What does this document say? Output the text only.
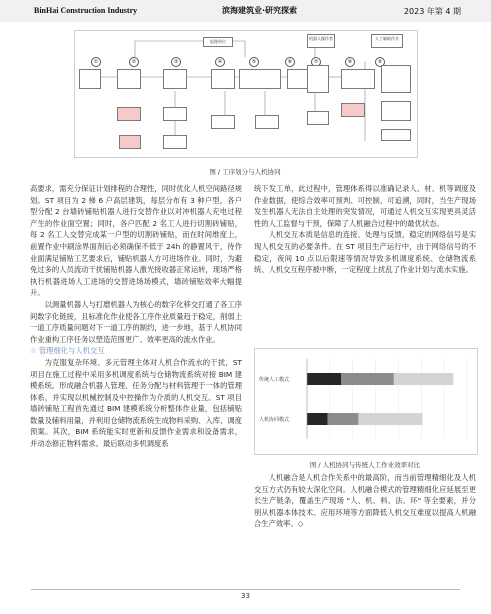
BinHai Construction Industry	滨海建筑业·研究探索	2023 年第 4 期
监理单位
机器人操作者	人工辅助作业
①	②	③	④	⑤	⑥	⑦	⑧	⑨
图 / 工序划分与人机协同

高要求，需充分保证计划排程的合理性，同时优化人机空间路径规划。ST 项目为 2 梯 6 户高层建筑，每层分布有 3 种户型，各户型分配 2 台墙砖铺贴机器人进行交替作业以对冲机器人充电过程产生的作业面空置；同时，各户匹配 2 名工人进行切割砖铺贴，每 2 名工人交替完成某一户型的切割砖铺贴，而在时间维度上，前置作业中刷涂界面剂后必须确保不低于 24h 的静置风干，待作业面满足铺贴工艺要求后，铺贴机器人方可进场作业。同时，为避免过多的人员流动干扰铺贴机器人激光接收器正常运转，现场严格执行机器进场人工进场的交替进场场模式，墙砖铺贴效率大幅提升。

以测量机器人与打磨机器人为核心的数字化移交打通了各工序间数字化链接，且标准化作业使各工序作业质量趋于稳定，削弱上一道工序质量问题对下一道工序的制约，进一步地，基于人机协同作业重构工序任务以塑造范围更广、效率更高的流水作业。

☆ 管理细化与人机交互

为克服复杂环境、多元管理主体对人机合作流水的干扰，ST 项目在施工过程中采用多机调度系统与仓储物流系统对接 BIM 建模系统，形成融合机器人管理、任务分配与材料管理于一体的管理体系，并实现以机械控制及中控操作为介质的人机交互。ST 项目墙砖铺贴工程首先通过 BIM 建模系统分析整体作业量，包括铺贴数量及辅料用量，并利用仓储物流系统生成物料采购、入库、调度预案。其次，BIM 系统能实时更新和反馈作业需求和设备需求，并动态修正物料需求。最后联动多机调度系

统下发工单，此过程中，管理体系得以准确记录人、材、机等调度及作业数据，使综合效率可预判、可控制、可追溯，同时，当生产现场发生机器人无法自主处理的突发情况，可通过人机交互实现更具灵活性的人工监督与干预，保障了人机融合过程中的最优状态。

人机交互本质是信息的连接、处理与反馈，稳定的网络信号是实现人机交互的必要条件。在 ST 项目生产运行中，由于网络信号的不稳定，夜间 10 点以后限速等情况导致多机调度系统、仓储物流系统、人机交互程序被中断，一定程度上扰乱了作业计划与流水实施。

传统人工模式
人机协同模式
图 / 人机协同与传统人工作业效率对比

人机融合是人机合作关系中的最高阶，而当前管理精细化及人机交互方式仍有较大深化空间。人机融合模式的管理精细化应延展至更长生产链条，覆盖生产现场 "人、机、料、法、环" 等全要素，并分别从机器本体技术、应用环境等方面降低人机交互难度以提高人机融合生产效率。◇

33
